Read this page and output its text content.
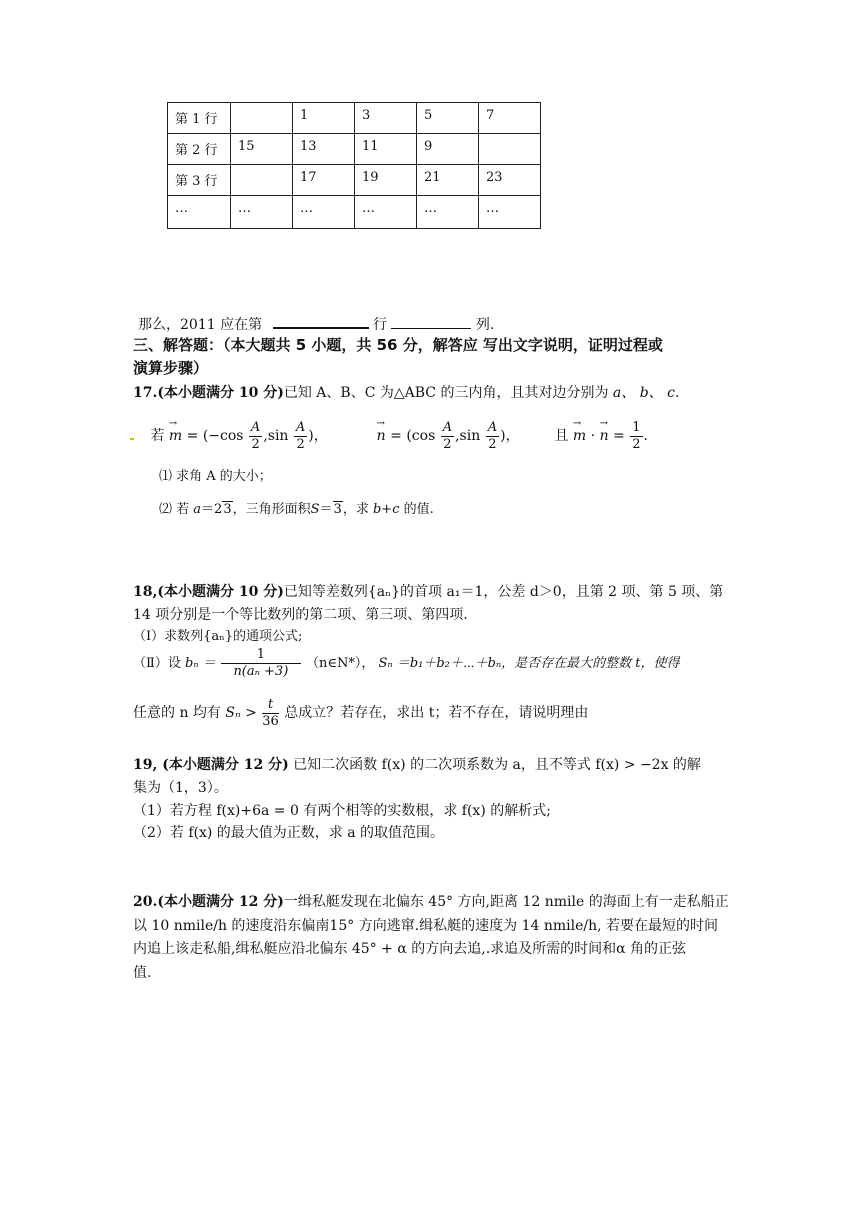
第 1 行		1	3	5	7
第 2 行	15	13	11	9	
第 3 行		17	19	21	23
…	…	…	…	…	…
那么，2011 应在第	行	列.
三、解答题：（本大题共 5 小题，共 56 分，解答应 写出文字说明，证明过程或
演算步骤）
17.(本小题满分 10 分)已知 A、B、C 为△ABC 的三内角，且其对边分别为 a、 b、 c.
若 → $m = (-\cos \frac{A}{2} ,\sin \frac{A}{2}$ )，	→ $n = (\cos \frac{A}{2} ,\sin \frac{A}{2}$ )， 且 → m · → $n = \frac{1}{2}$ .
⑴ 求角 A 的大小；
⑵ 若 a＝23，三角形面积S＝3，求 b+c 的值.
18,(本小题满分 10 分)已知等差数列{aₙ}的首项 a₁＝1，公差 d＞0，且第 2 项、第 5 项、第
14 项分别是一个等比数列的第二项、第三项、第四项.
（Ⅰ）求数列{aₙ}的通项公式;
（Ⅱ）设 $b_n = \frac{1}{\text{n(aₙ +3)}}$ （n∈N*）， Sₙ ＝b₁＋b₂＋⋯＋bₙ，是否存在最大的整数 t，使得
任意的 n 均有 $S_n > \frac{t}{36}$ 总成立？若存在，求出 t；若不存在，请说明理由
19, (本小题满分 12 分) 已知二次函数 f(x) 的二次项系数为 a，且不等式 f(x) > −2x 的解
集为（1，3）。
（1）若方程 f(x)+6a = 0 有两个相等的实数根，求 f(x) 的解析式;
（2）若 f(x) 的最大值为正数，求 a 的取值范围。
20.(本小题满分 12 分)一缉私艇发现在北偏东 45° 方向,距离 12 nmile 的海面上有一走私船正
以 10 nmile/h 的速度沿东偏南15° 方向逃窜.缉私艇的速度为 14 nmile/h, 若要在最短的时间
内追上该走私船,缉私艇应沿北偏东 45° + α 的方向去追,.求追及所需的时间和α 角的正弦
值.
